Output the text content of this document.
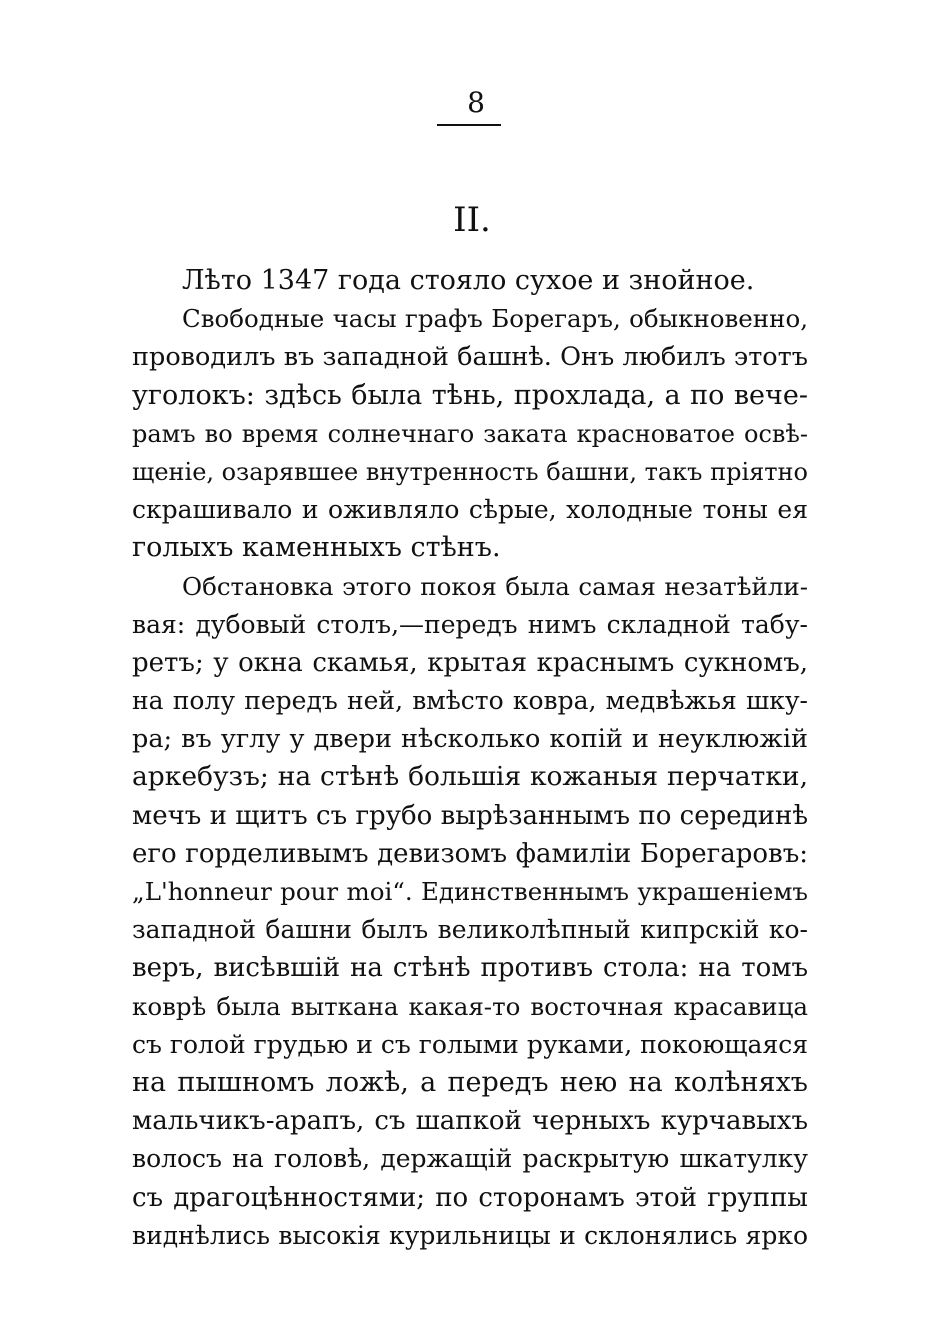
8
II.
Лѣто 1347 года стояло сухое и знойное.
Свободные часы графъ Борегаръ, обыкновенно,
проводилъ въ западной башнѣ. Онъ любилъ этотъ
уголокъ: здѣсь была тѣнь, прохлада, а по вече-
рамъ во время солнечнаго заката красноватое освѣ-
щеніе, озарявшее внутренность башни, такъ пріятно
скрашивало и оживляло сѣрые, холодные тоны ея
голыхъ каменныхъ стѣнъ.
Обстановка этого покоя была самая незатѣйли-
вая: дубовый столъ,—передъ нимъ складной табу-
ретъ; у окна скамья, крытая краснымъ сукномъ,
на полу передъ ней, вмѣсто ковра, медвѣжья шку-
ра; въ углу у двери нѣсколько копій и неуклюжій
аркебузъ; на стѣнѣ большія кожаныя перчатки,
мечъ и щитъ съ грубо вырѣзаннымъ по серединѣ
его горделивымъ девизомъ фамиліи Борегаровъ:
„L'honneur pour moi“. Единственнымъ украшеніемъ
западной башни былъ великолѣпный кипрскій ко-
веръ, висѣвшій на стѣнѣ противъ стола: на томъ
коврѣ была выткана какая-то восточная красавица
съ голой грудью и съ голыми руками, покоющаяся
на пышномъ ложѣ, а передъ нею на колѣняхъ
мальчикъ-арапъ, съ шапкой черныхъ курчавыхъ
волосъ на головѣ, держащій раскрытую шкатулку
съ драгоцѣнностями; по сторонамъ этой группы
виднѣлись высокія курильницы и склонялись ярко
